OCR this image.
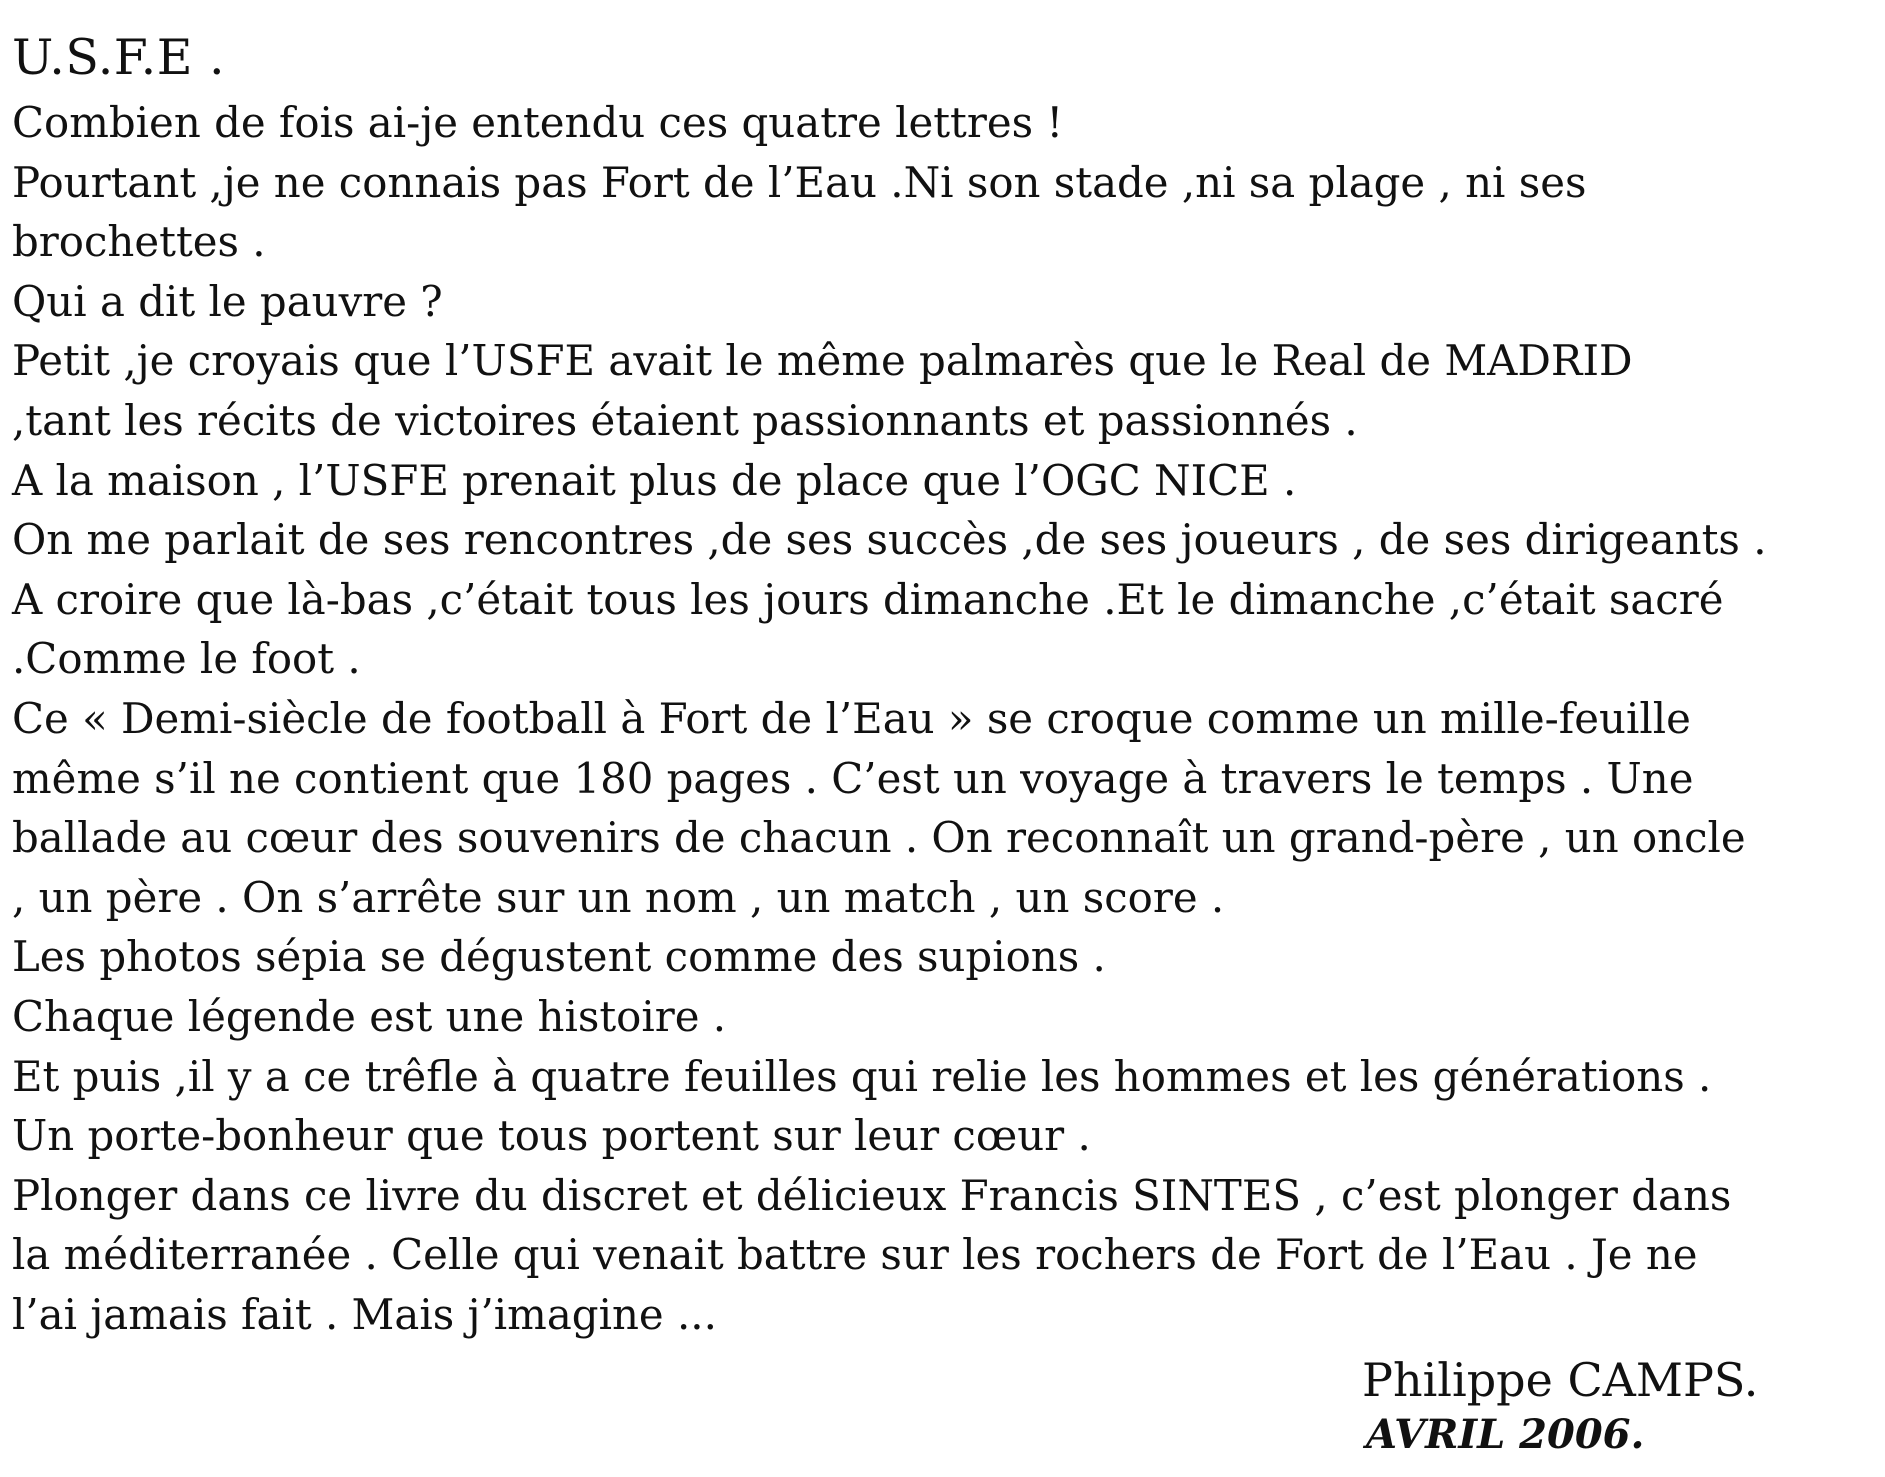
U.S.F.E .
Combien de fois ai-je entendu ces quatre lettres !
Pourtant ,je ne connais pas Fort de l’Eau .Ni son stade ,ni sa plage , ni ses
brochettes .
Qui a dit le pauvre ?
Petit ,je croyais que l’USFE avait le même palmarès que le Real de MADRID
,tant les récits de victoires étaient passionnants et passionnés .
A la maison , l’USFE prenait plus de place que l’OGC NICE .
On me parlait de ses rencontres ,de ses succès ,de ses joueurs , de ses dirigeants .
A croire que là-bas ,c’était tous les jours dimanche .Et le dimanche ,c’était sacré
.Comme le foot .
Ce « Demi-siècle de football à Fort de l’Eau » se croque comme un mille-feuille
même s’il ne contient que 180 pages . C’est un voyage à travers le temps . Une
ballade au cœur des souvenirs de chacun . On reconnaît un grand-père , un oncle
, un père . On s’arrête sur un nom , un match , un score .
Les photos sépia se dégustent comme des supions .
Chaque légende est une histoire .
Et puis ,il y a ce trêfle à quatre feuilles qui relie les hommes et les générations .
Un porte-bonheur que tous portent sur leur cœur .
Plonger dans ce livre du discret et délicieux Francis SINTES , c’est plonger dans
la méditerranée . Celle qui venait battre sur les rochers de Fort de l’Eau . Je ne
l’ai jamais fait . Mais j’imagine ...
Philippe CAMPS.
AVRIL 2006.
